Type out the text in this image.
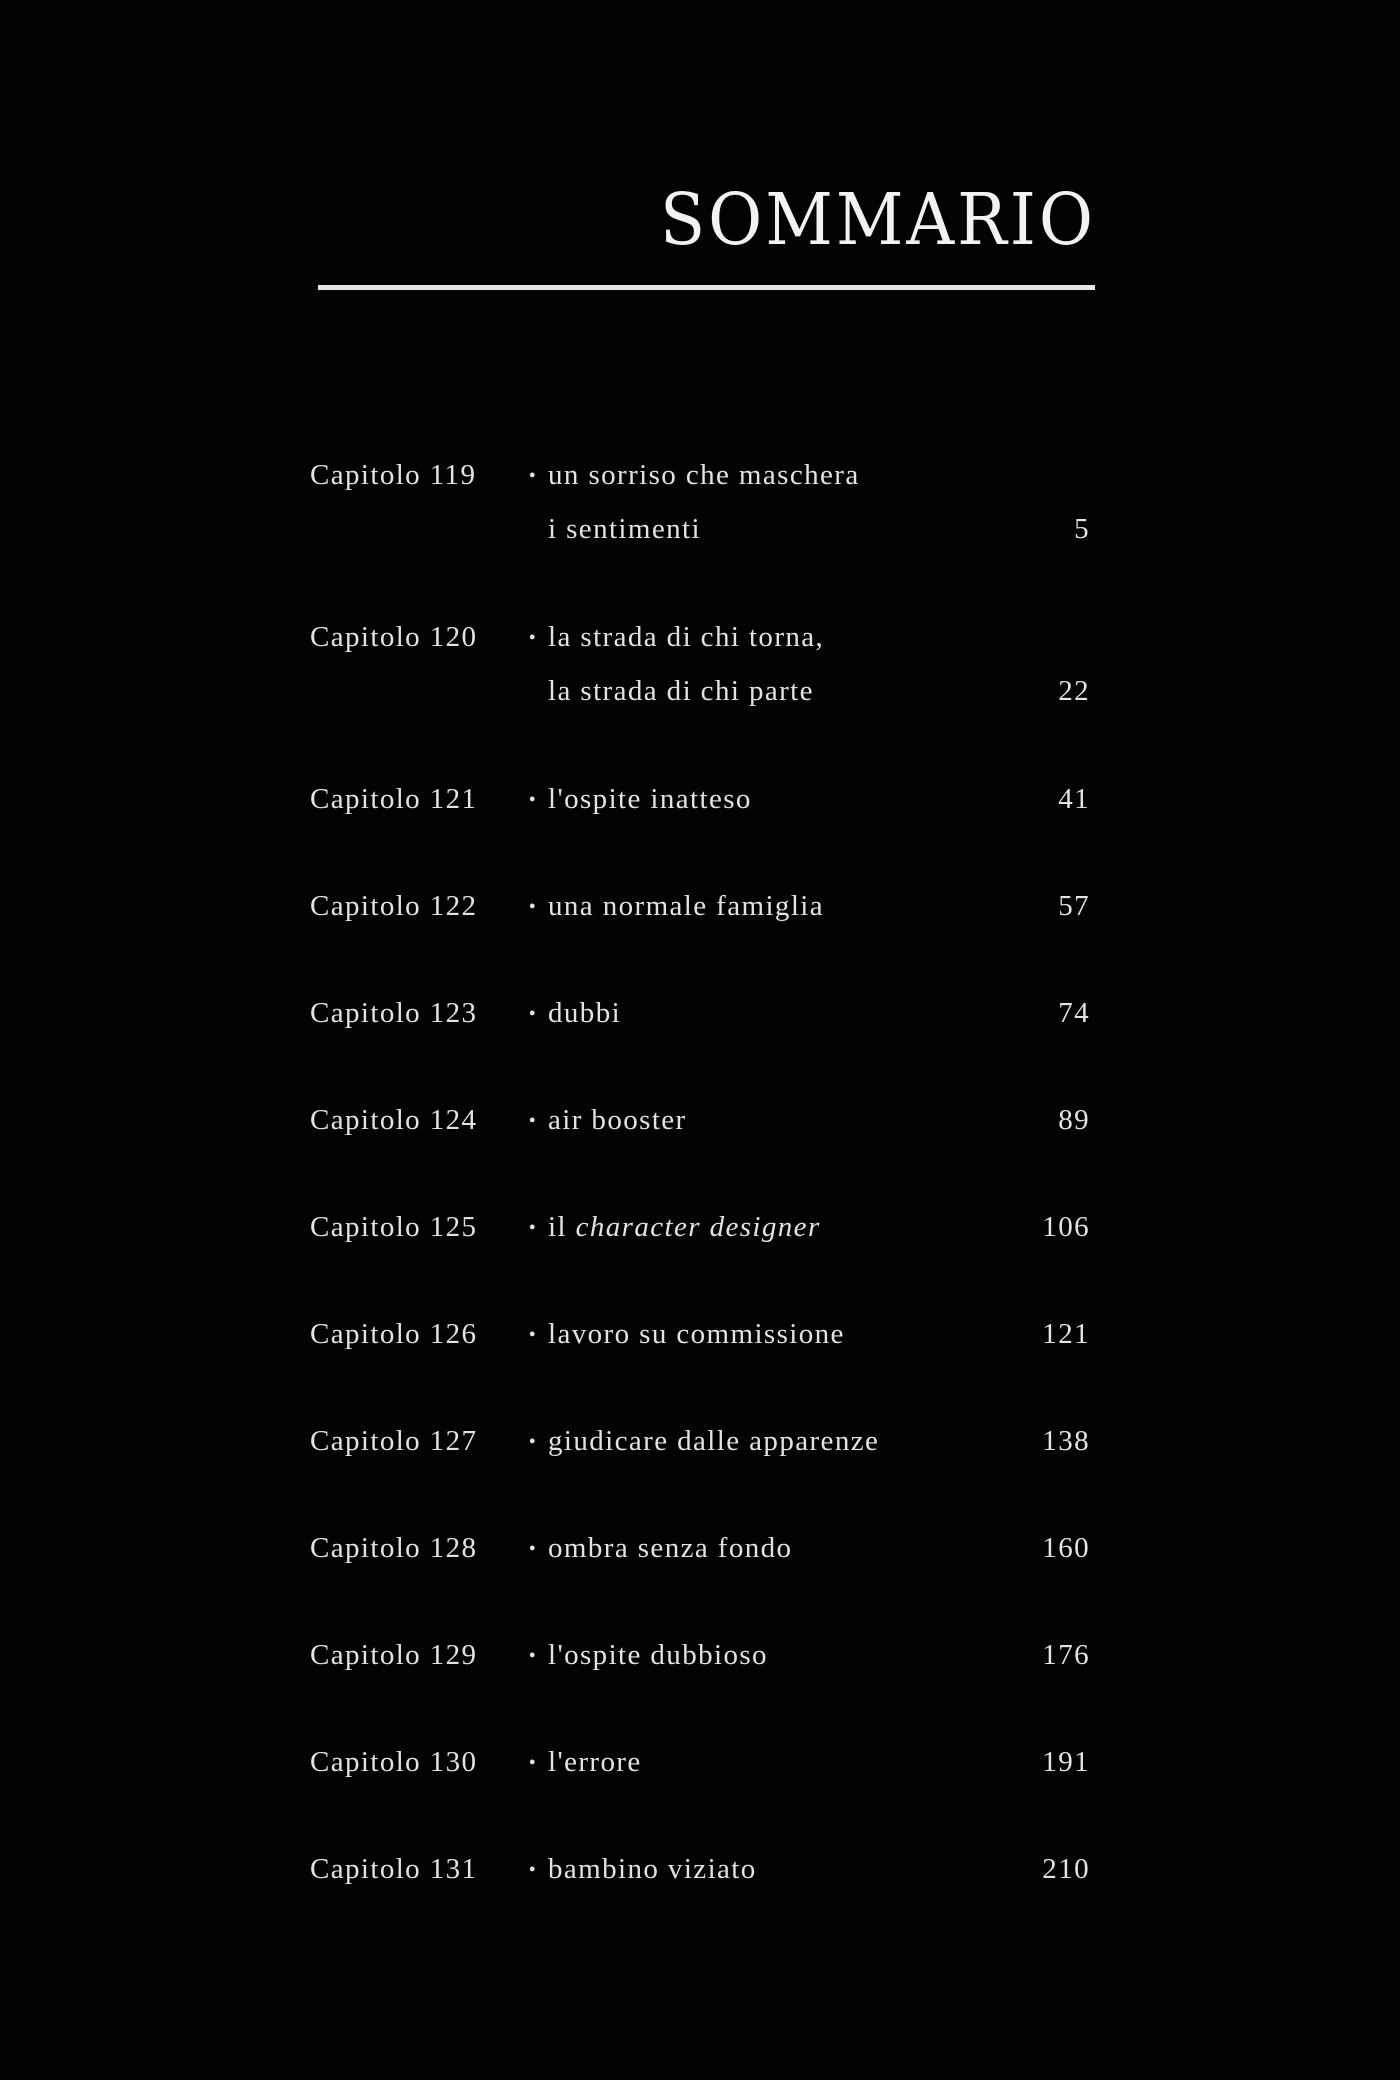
SOMMARIO
Capitolo 119	• un sorriso che maschera
i sentimenti	5
Capitolo 120	• la strada di chi torna,
la strada di chi parte	22
Capitolo 121	• l'ospite inatteso	41
Capitolo 122	• una normale famiglia	57
Capitolo 123	• dubbi	74
Capitolo 124	• air booster	89
Capitolo 125	• il character designer	106
Capitolo 126	• lavoro su commissione	121
Capitolo 127	• giudicare dalle apparenze	138
Capitolo 128	• ombra senza fondo	160
Capitolo 129	• l'ospite dubbioso	176
Capitolo 130	• l'errore	191
Capitolo 131	• bambino viziato	210
